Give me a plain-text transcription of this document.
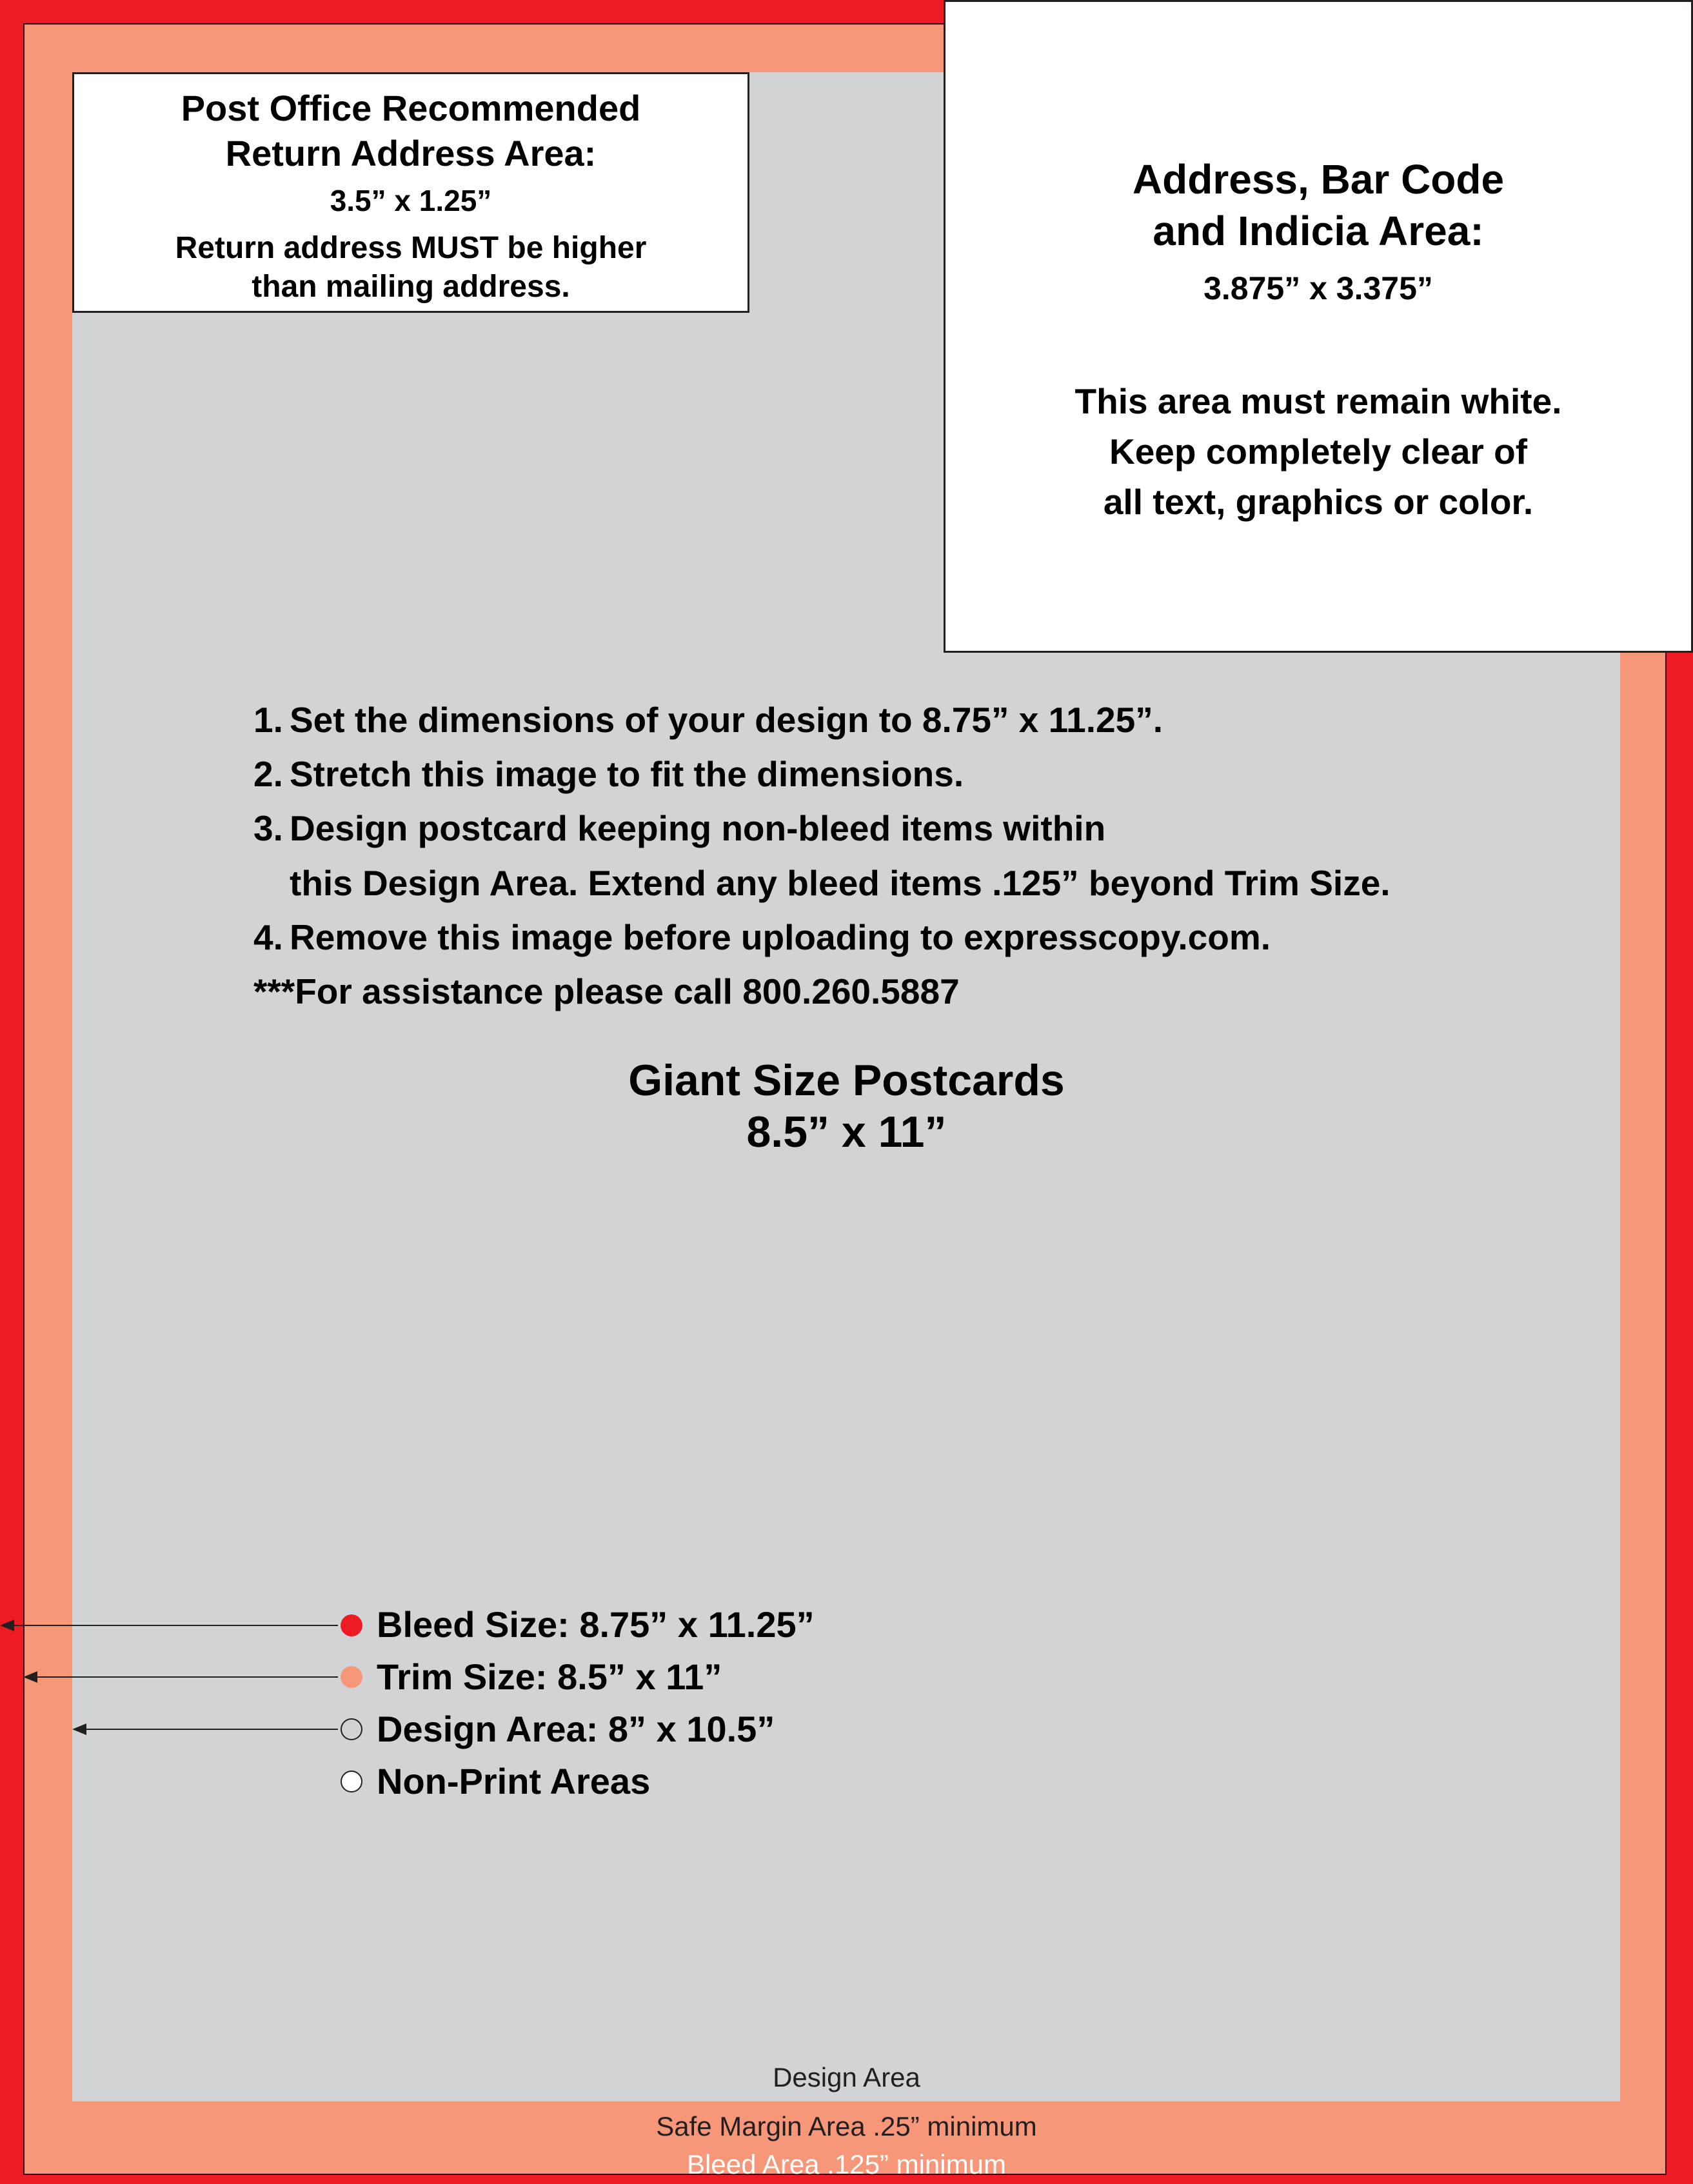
Post Office Recommended
Return Address Area:
3.5” x 1.25”
Return address MUST be higher
than mailing address.
Address, Bar Code
and Indicia Area:
3.875” x 3.375”
This area must remain white.
Keep completely clear of
all text, graphics or color.
1. Set the dimensions of your design to 8.75” x 11.25”.
2. Stretch this image to fit the dimensions.
3. Design postcard keeping non-bleed items within
this Design Area. Extend any bleed items .125” beyond Trim Size.
4. Remove this image before uploading to expresscopy.com.
***For assistance please call 800.260.5887
Giant Size Postcards
8.5” x 11”
Bleed Size: 8.75” x 11.25”
Trim Size: 8.5” x 11”
Design Area: 8” x 10.5”
Non-Print Areas
Design Area
Safe Margin Area .25” minimum
Bleed Area .125” minimum
